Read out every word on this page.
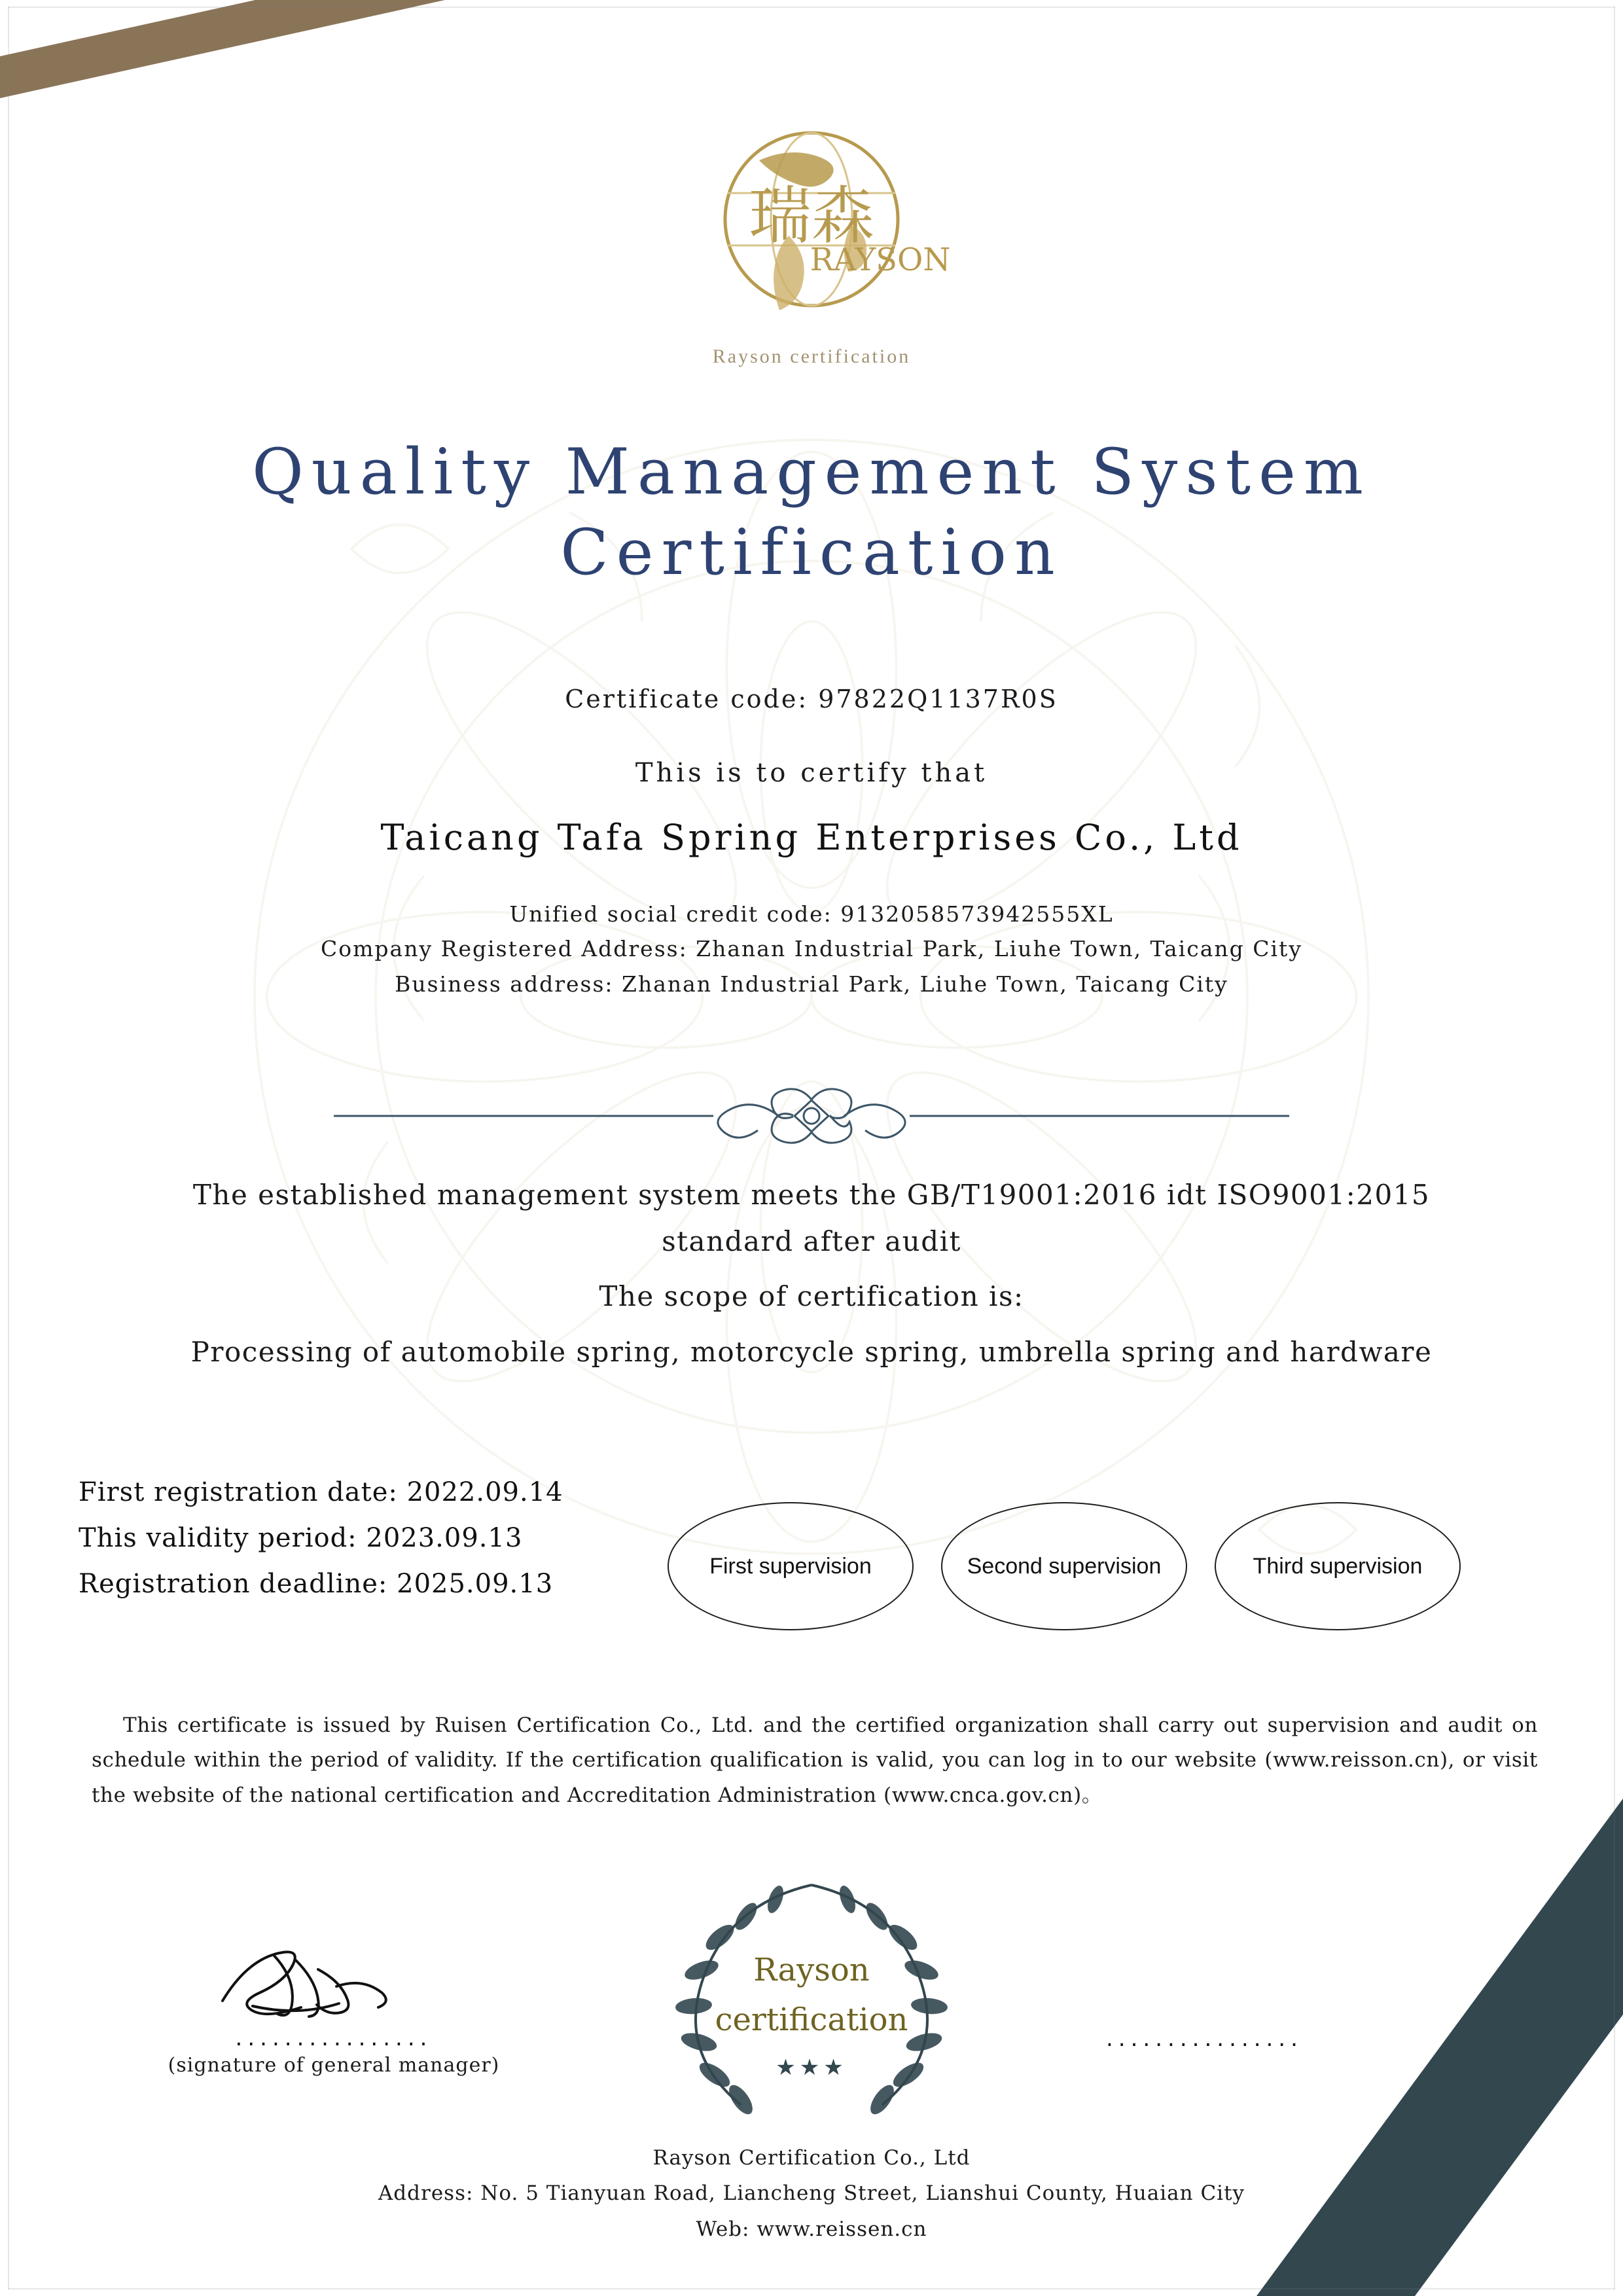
瑞森
RAYSON
Rayson certification
Quality Management System
Certification
Certificate code: 97822Q1137R0S
This is to certify that
Taicang Tafa Spring Enterprises Co., Ltd
Unified social credit code: 9132058573942555XL
Company Registered Address: Zhanan Industrial Park, Liuhe Town, Taicang City
Business address: Zhanan Industrial Park, Liuhe Town, Taicang City
The established management system meets the GB/T19001:2016 idt ISO9001:2015
standard after audit
The scope of certification is:
Processing of automobile spring, motorcycle spring, umbrella spring and hardware
First registration date: 2022.09.14
This validity period: 2023.09.13
Registration deadline: 2025.09.13
First supervision	Second supervision	Third supervision
This certificate is issued by Ruisen Certification Co., Ltd. and the certified organization shall carry out supervision and audit on schedule within the period of validity. If the certification qualification is valid, you can log in to our website (www.reisson.cn), or visit the website of the national certification and Accreditation Administration (www.cnca.gov.cn)。
Rayson
certification
★★★
................
(signature of general manager)
................
Rayson Certification Co., Ltd
Address: No. 5 Tianyuan Road, Liancheng Street, Lianshui County, Huaian City
Web: www.reissen.cn
